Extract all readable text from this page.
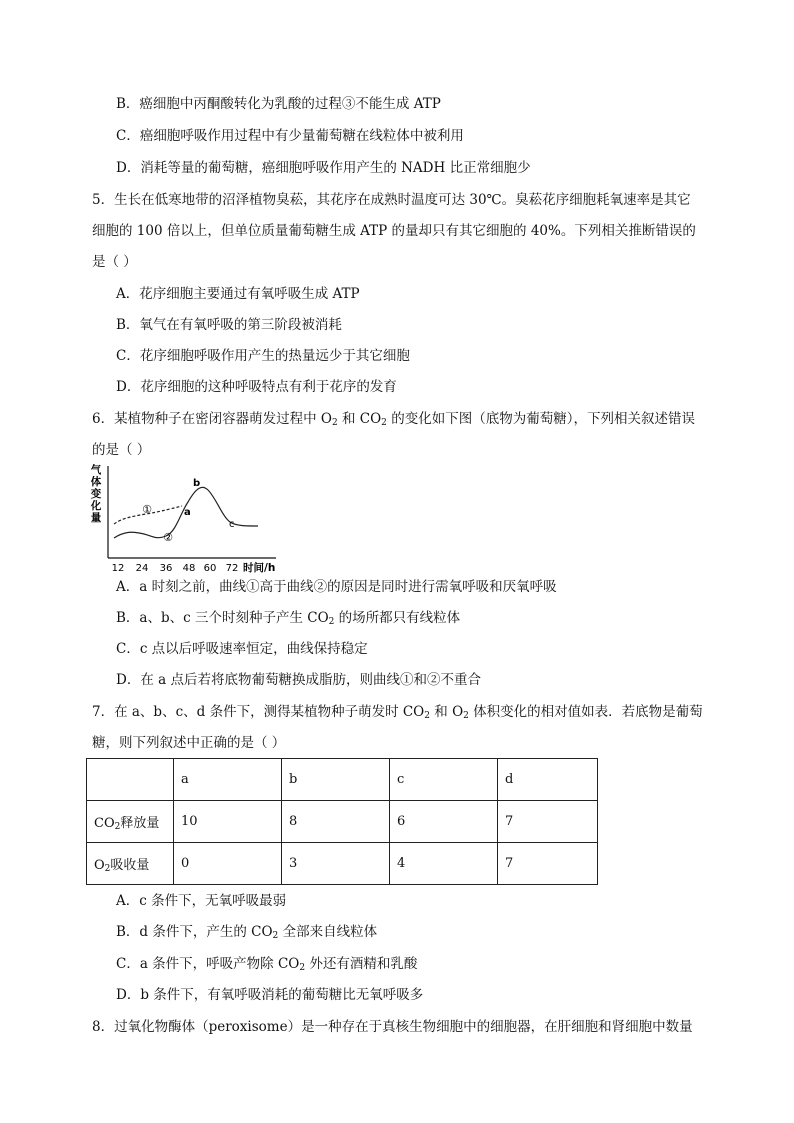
B．癌细胞中丙酮酸转化为乳酸的过程③不能生成 ATP
C．癌细胞呼吸作用过程中有少量葡萄糖在线粒体中被利用
D．消耗等量的葡萄糖，癌细胞呼吸作用产生的 NADH 比正常细胞少
5．生长在低寒地带的沼泽植物臭菘，其花序在成熟时温度可达 30℃。臭菘花序细胞耗氧速率是其它
细胞的 100 倍以上，但单位质量葡萄糖生成 ATP 的量却只有其它细胞的 40%。下列相关推断错误的
是（ ）
A．花序细胞主要通过有氧呼吸生成 ATP
B．氧气在有氧呼吸的第三阶段被消耗
C．花序细胞呼吸作用产生的热量远少于其它细胞
D．花序细胞的这种呼吸特点有利于花序的发育
6．某植物种子在密闭容器萌发过程中 $O_2$ 和 $CO_2$ 的变化如下图（底物为葡萄糖），下列相关叙述错误
的是（ ）
气
体
变
化
量
①
②
a
b
c
12 24 36 48 60 72 时间/h
A．a 时刻之前，曲线①高于曲线②的原因是同时进行需氧呼吸和厌氧呼吸
B．a、b、c 三个时刻种子产生 $CO_2$ 的场所都只有线粒体
C．c 点以后呼吸速率恒定，曲线保持稳定
D．在 a 点后若将底物葡萄糖换成脂肪，则曲线①和②不重合
7．在 a、b、c、d 条件下，测得某植物种子萌发时 $CO_2$ 和 $O_2$ 体积变化的相对值如表．若底物是葡萄
糖，则下列叙述中正确的是（ ）
	a	b	c	d
$CO_2$释放量	10	8	6	7
$O_2$吸收量	0	3	4	7
A．c 条件下，无氧呼吸最弱
B．d 条件下，产生的 $CO_2$ 全部来自线粒体
C．a 条件下，呼吸产物除 $CO_2$ 外还有酒精和乳酸
D．b 条件下，有氧呼吸消耗的葡萄糖比无氧呼吸多
8．过氧化物酶体（peroxisome）是一种存在于真核生物细胞中的细胞器，在肝细胞和肾细胞中数量
